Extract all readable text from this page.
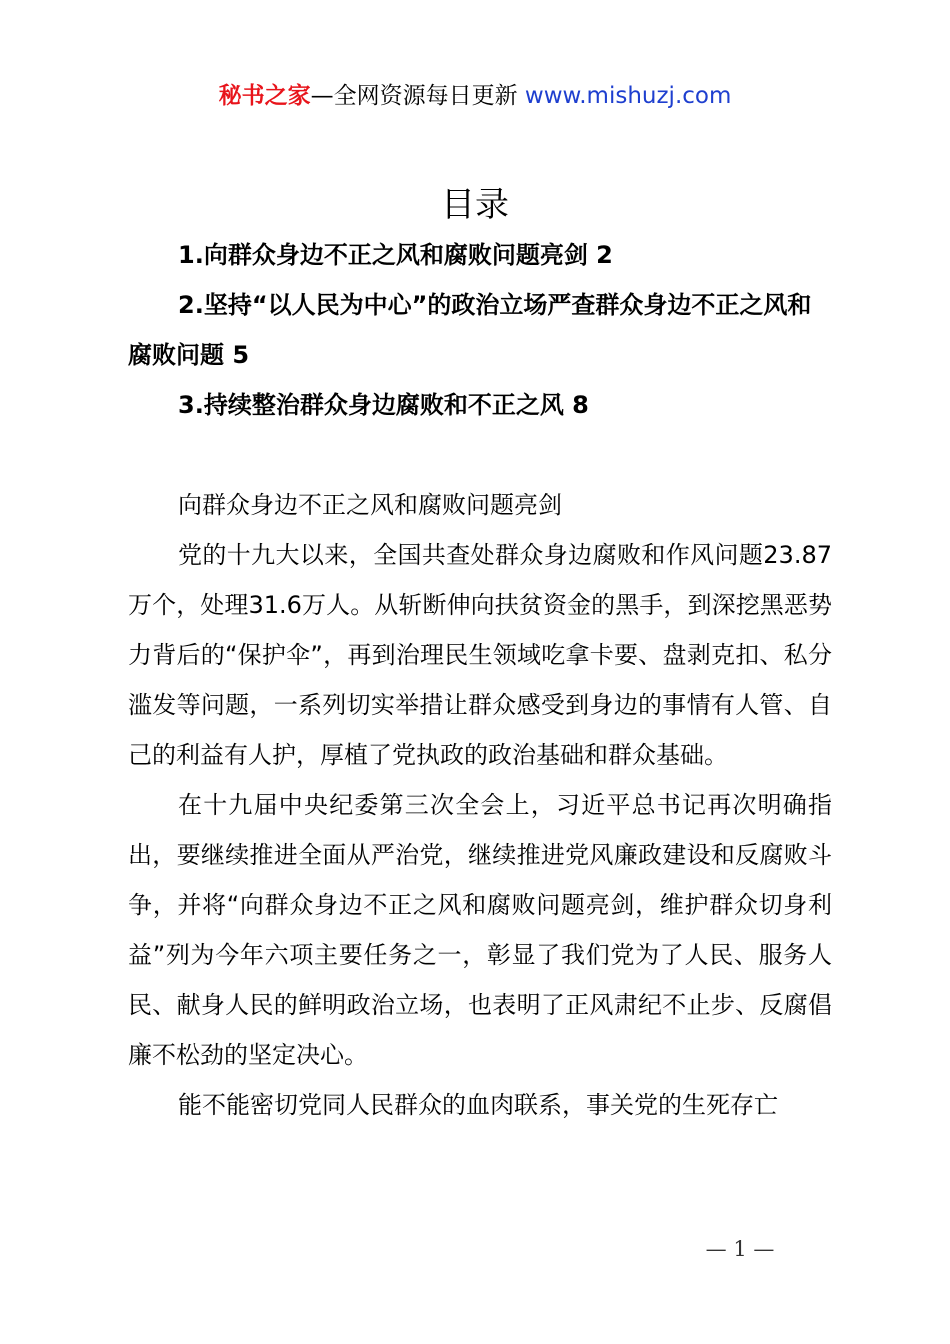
秘书之家—全网资源每日更新 www.mishuzj.com
目录
1.向群众身边不正之风和腐败问题亮剑 2
2.坚持“以人民为中心”的政治立场严查群众身边不正之风和腐败问题 5
3.持续整治群众身边腐败和不正之风 8

向群众身边不正之风和腐败问题亮剑

党的十九大以来，全国共查处群众身边腐败和作风问题23.87万个，处理31.6万人。从斩断伸向扶贫资金的黑手，到深挖黑恶势力背后的“保护伞”，再到治理民生领域吃拿卡要、盘剥克扣、私分滥发等问题，一系列切实举措让群众感受到身边的事情有人管、自己的利益有人护，厚植了党执政的政治基础和群众基础。

在十九届中央纪委第三次全会上，习近平总书记再次明确指出，要继续推进全面从严治党，继续推进党风廉政建设和反腐败斗争，并将“向群众身边不正之风和腐败问题亮剑，维护群众切身利益”列为今年六项主要任务之一，彰显了我们党为了人民、服务人民、献身人民的鲜明政治立场，也表明了正风肃纪不止步、反腐倡廉不松劲的坚定决心。

能不能密切党同人民群众的血肉联系，事关党的生死存亡

— 1 —
